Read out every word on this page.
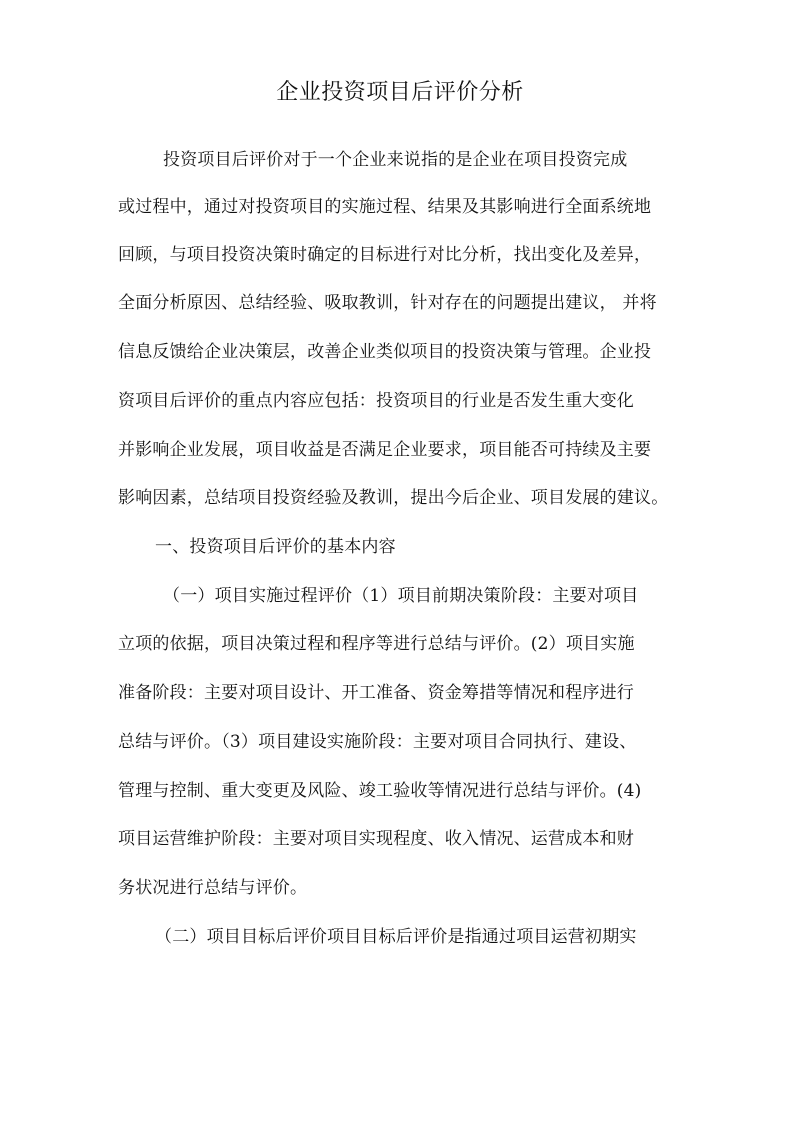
企业投资项目后评价分析

投资项目后评价对于一个企业来说指的是企业在项目投资完成

或过程中，通过对投资项目的实施过程、结果及其影响进行全面系统地

回顾，与项目投资决策时确定的目标进行对比分析，找出变化及差异，

全面分析原因、总结经验、吸取教训，针对存在的问题提出建议， 并将

信息反馈给企业决策层，改善企业类似项目的投资决策与管理。企业投

资项目后评价的重点内容应包括：投资项目的行业是否发生重大变化

并影响企业发展，项目收益是否满足企业要求，项目能否可持续及主要

影响因素，总结项目投资经验及教训，提出今后企业、项目发展的建议。

一、投资项目后评价的基本内容

（一）项目实施过程评价（1）项目前期决策阶段：主要对项目

立项的依据，项目决策过程和程序等进行总结与评价。(2）项目实施

准备阶段：主要对项目设计、开工准备、资金筹措等情况和程序进行

总结与评价。（3）项目建设实施阶段：主要对项目合同执行、建设、

管理与控制、重大变更及风险、竣工验收等情况进行总结与评价。(4)

项目运营维护阶段：主要对项目实现程度、收入情况、运营成本和财

务状况进行总结与评价。

（二）项目目标后评价项目目标后评价是指通过项目运营初期实
